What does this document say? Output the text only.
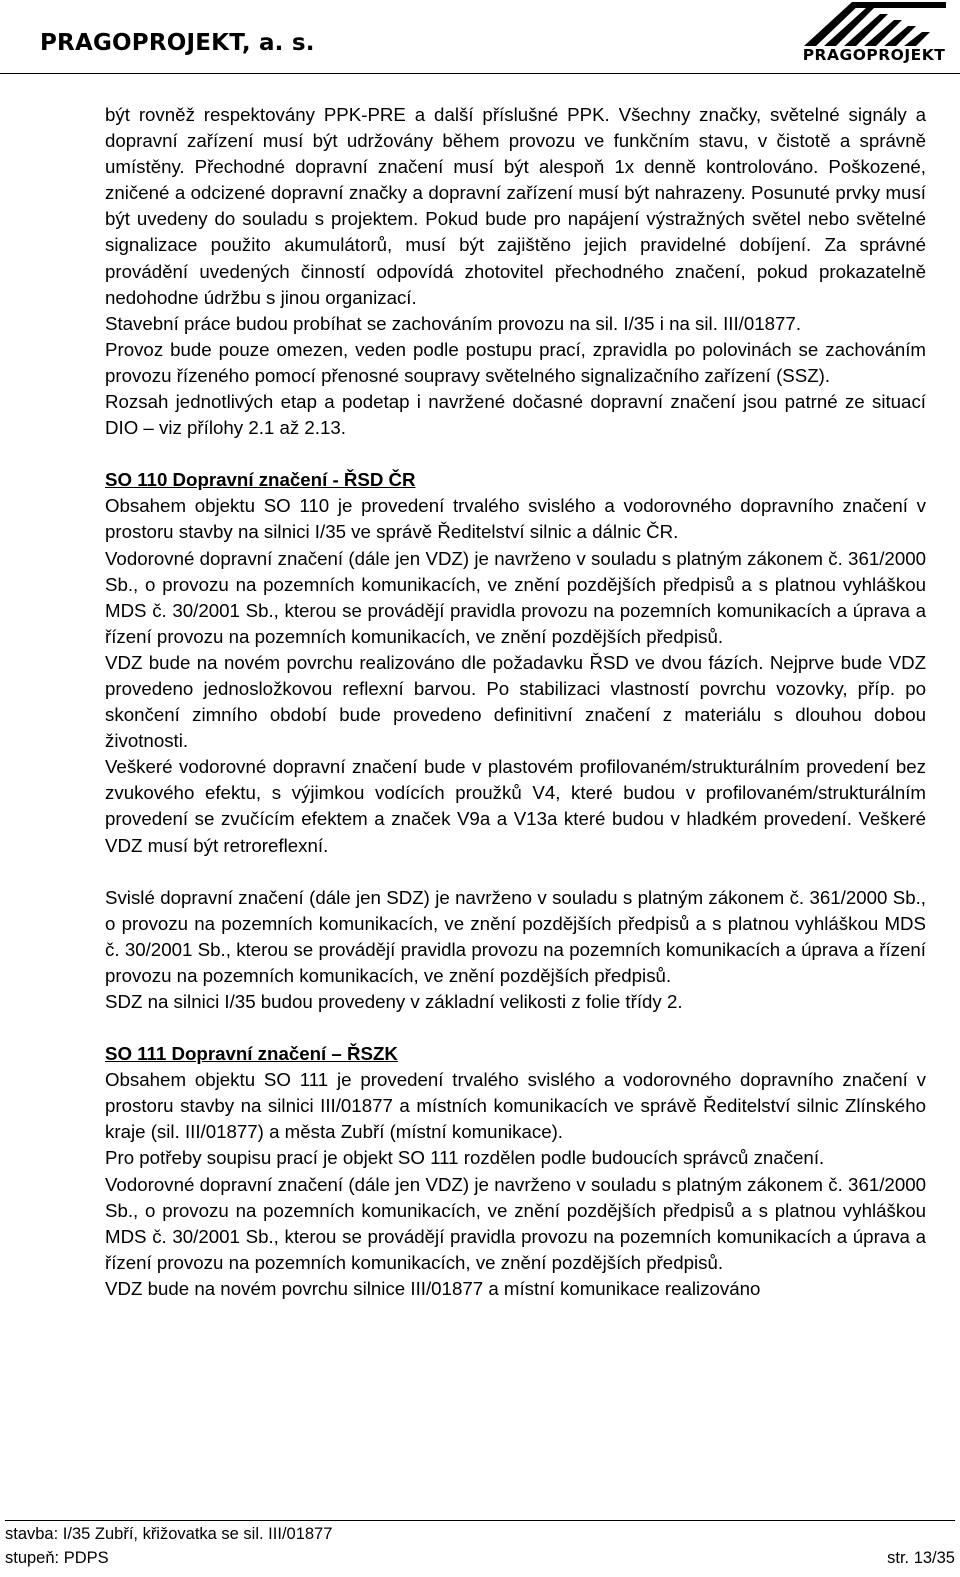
PRAGOPROJEKT, a. s.	PRAGOPROJEKT

být rovněž respektovány PPK-PRE a další příslušné PPK. Všechny značky, světelné signály a dopravní zařízení musí být udržovány během provozu ve funkčním stavu, v čistotě a správně umístěny. Přechodné dopravní značení musí být alespoň 1x denně kontrolováno. Poškozené, zničené a odcizené dopravní značky a dopravní zařízení musí být nahrazeny. Posunuté prvky musí být uvedeny do souladu s projektem. Pokud bude pro napájení výstražných světel nebo světelné signalizace použito akumulátorů, musí být zajištěno jejich pravidelné dobíjení. Za správné provádění uvedených činností odpovídá zhotovitel přechodného značení, pokud prokazatelně nedohodne údržbu s jinou organizací.

Stavební práce budou probíhat se zachováním provozu na sil. I/35 i na sil. III/01877.

Provoz bude pouze omezen, veden podle postupu prací, zpravidla po polovinách se zachováním provozu řízeného pomocí přenosné soupravy světelného signalizačního zařízení (SSZ).

Rozsah jednotlivých etap a podetap i navržené dočasné dopravní značení jsou patrné ze situací DIO – viz přílohy 2.1 až 2.13.

SO 110 Dopravní značení - ŘSD ČR

Obsahem objektu SO 110 je provedení trvalého svislého a vodorovného dopravního značení v prostoru stavby na silnici I/35 ve správě Ředitelství silnic a dálnic ČR.

Vodorovné dopravní značení (dále jen VDZ) je navrženo v souladu s platným zákonem č. 361/2000 Sb., o provozu na pozemních komunikacích, ve znění pozdějších předpisů a s platnou vyhláškou MDS č. 30/2001 Sb., kterou se provádějí pravidla provozu na pozemních komunikacích a úprava a řízení provozu na pozemních komunikacích, ve znění pozdějších předpisů.

VDZ bude na novém povrchu realizováno dle požadavku ŘSD ve dvou fázích. Nejprve bude VDZ provedeno jednosložkovou reflexní barvou. Po stabilizaci vlastností povrchu vozovky, příp. po skončení zimního období bude provedeno definitivní značení z materiálu s dlouhou dobou životnosti.

Veškeré vodorovné dopravní značení bude v plastovém profilovaném/strukturálním provedení bez zvukového efektu, s výjimkou vodících proužků V4, které budou v profilovaném/strukturálním provedení se zvučícím efektem a značek V9a a V13a které budou v hladkém provedení. Veškeré VDZ musí být retroreflexní.

Svislé dopravní značení (dále jen SDZ) je navrženo v souladu s platným zákonem č. 361/2000 Sb., o provozu na pozemních komunikacích, ve znění pozdějších předpisů a s platnou vyhláškou MDS č. 30/2001 Sb., kterou se provádějí pravidla provozu na pozemních komunikacích a úprava a řízení provozu na pozemních komunikacích, ve znění pozdějších předpisů.

SDZ na silnici I/35 budou provedeny v základní velikosti z folie třídy 2.

SO 111 Dopravní značení – ŘSZK

Obsahem objektu SO 111 je provedení trvalého svislého a vodorovného dopravního značení v prostoru stavby na silnici III/01877 a místních komunikacích ve správě Ředitelství silnic Zlínského kraje (sil. III/01877) a města Zubří (místní komunikace).

Pro potřeby soupisu prací je objekt SO 111 rozdělen podle budoucích správců značení.

Vodorovné dopravní značení (dále jen VDZ) je navrženo v souladu s platným zákonem č. 361/2000 Sb., o provozu na pozemních komunikacích, ve znění pozdějších předpisů a s platnou vyhláškou MDS č. 30/2001 Sb., kterou se provádějí pravidla provozu na pozemních komunikacích a úprava a řízení provozu na pozemních komunikacích, ve znění pozdějších předpisů.

VDZ bude na novém povrchu silnice III/01877 a místní komunikace realizováno

stavba: I/35 Zubří, křižovatka se sil. III/01877
stupeň: PDPS	str. 13/35
